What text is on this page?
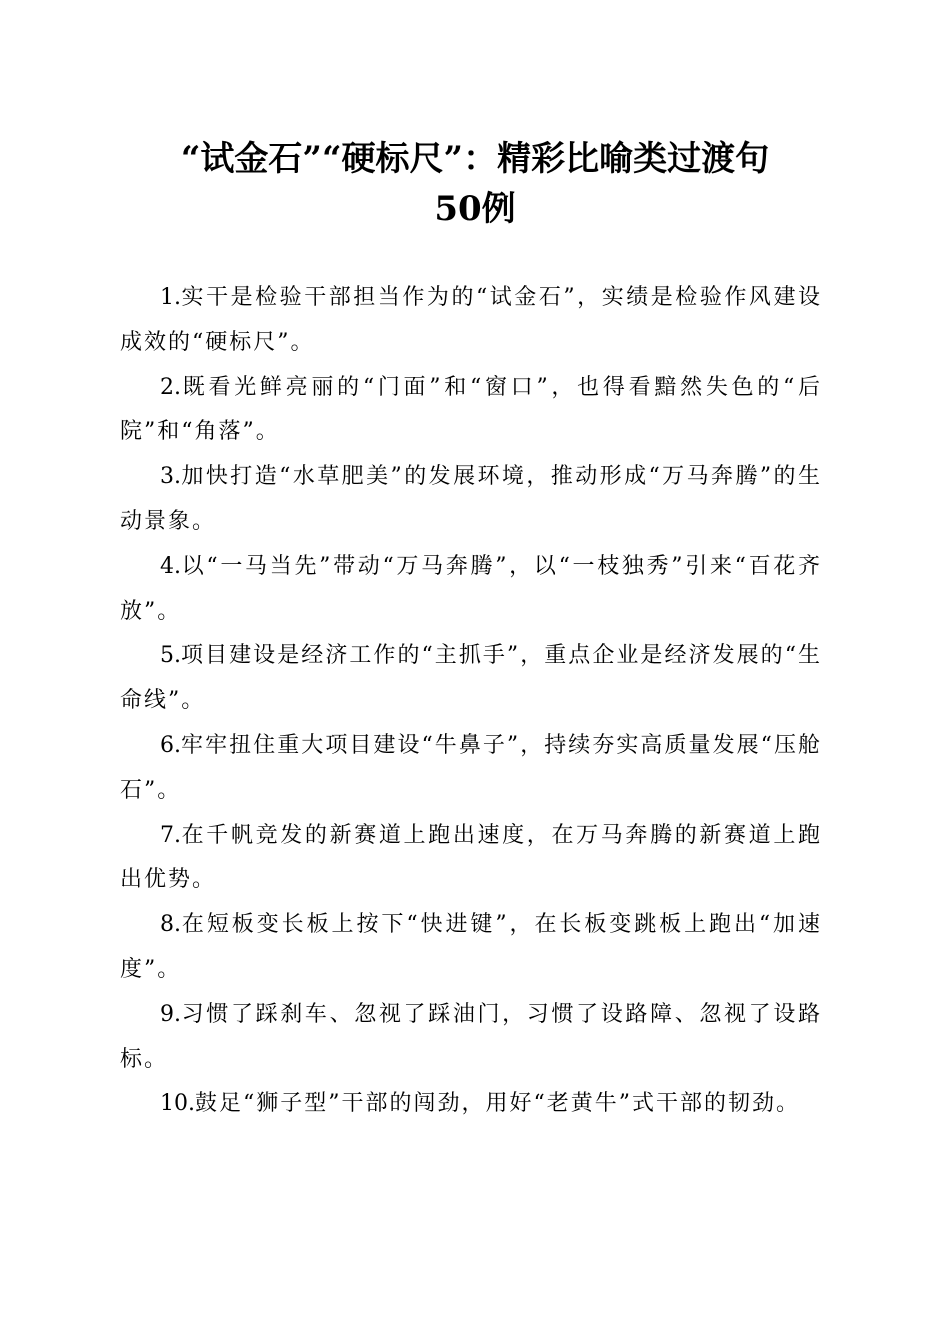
“试金石”“硬标尺”：精彩比喻类过渡句
50例

1.实干是检验干部担当作为的“试金石”，实绩是检验作风建设成效的“硬标尺”。

2.既看光鲜亮丽的“门面”和“窗口”，也得看黯然失色的“后院”和“角落”。

3.加快打造“水草肥美”的发展环境，推动形成“万马奔腾”的生动景象。

4.以“一马当先”带动“万马奔腾”，以“一枝独秀”引来“百花齐放”。

5.项目建设是经济工作的“主抓手”，重点企业是经济发展的“生命线”。

6.牢牢扭住重大项目建设“牛鼻子”，持续夯实高质量发展“压舱石”。

7.在千帆竞发的新赛道上跑出速度，在万马奔腾的新赛道上跑出优势。

8.在短板变长板上按下“快进键”，在长板变跳板上跑出“加速度”。

9.习惯了踩刹车、忽视了踩油门，习惯了设路障、忽视了设路标。

10.鼓足“狮子型”干部的闯劲，用好“老黄牛”式干部的韧劲。
